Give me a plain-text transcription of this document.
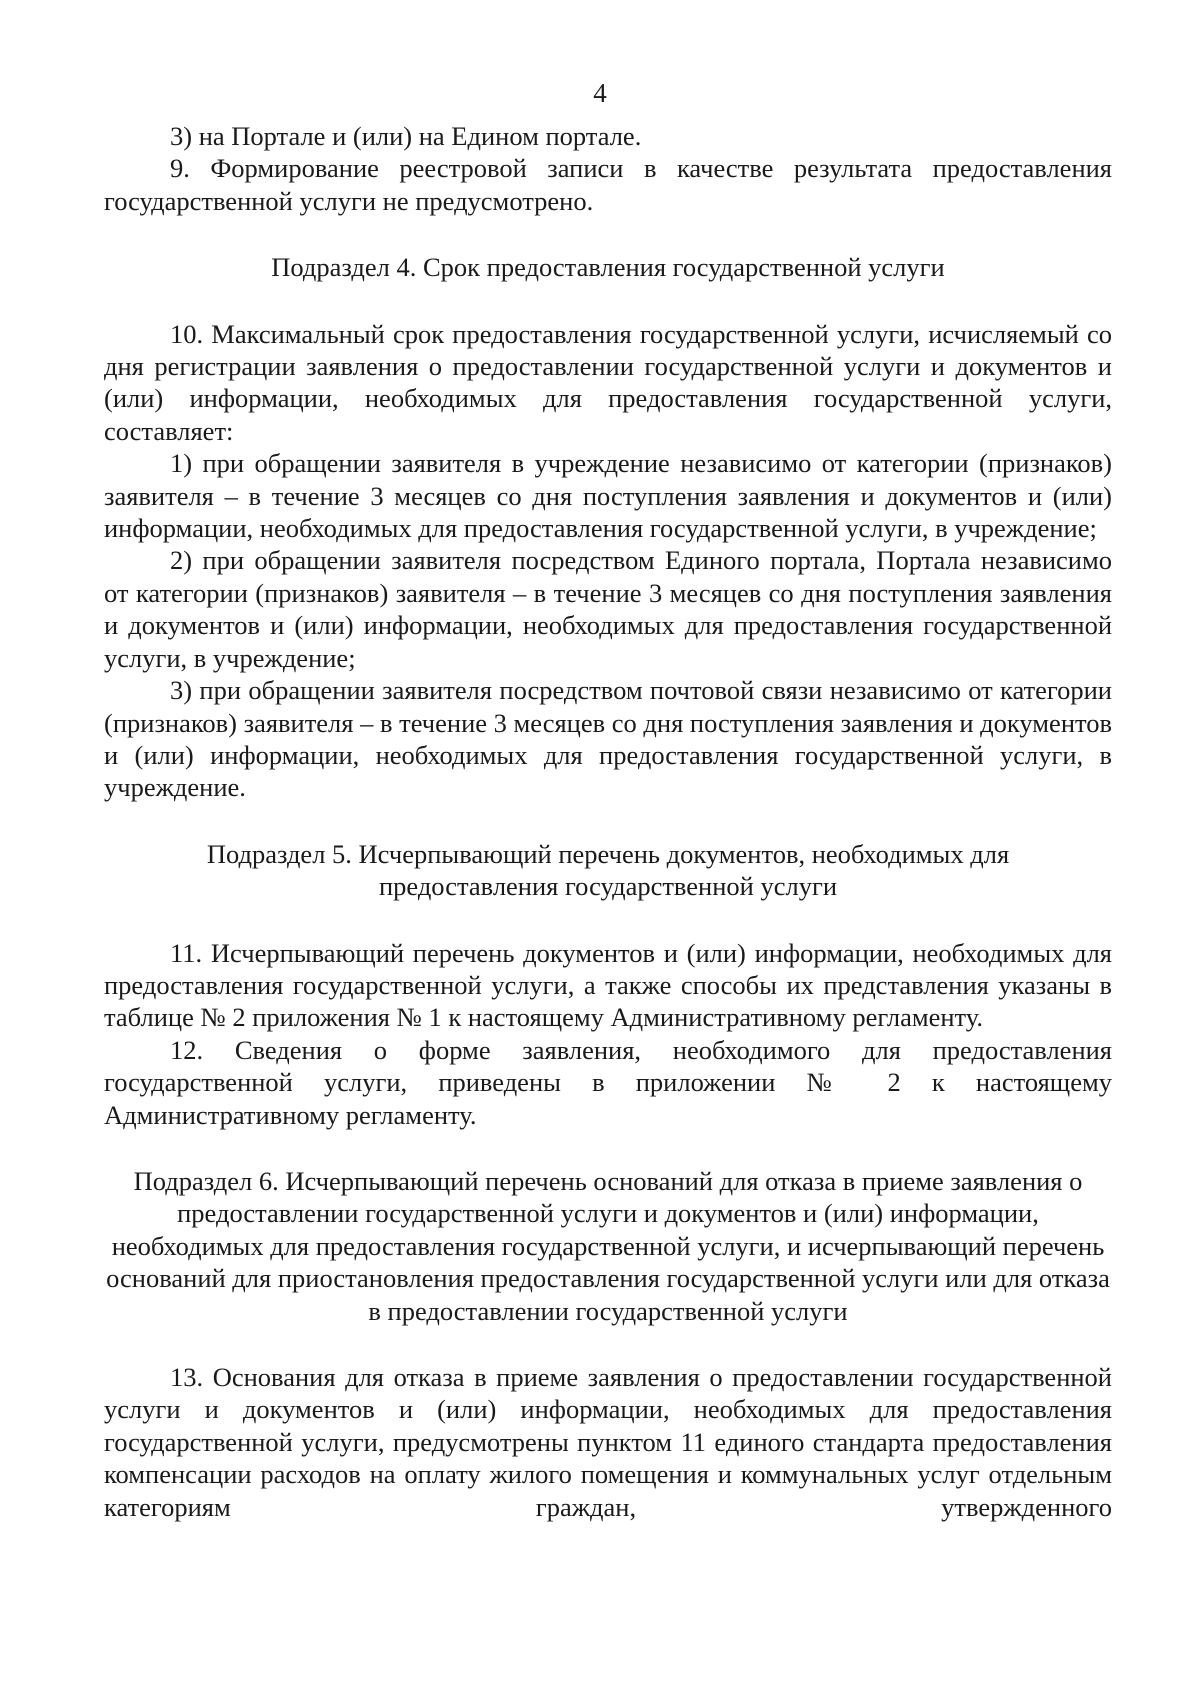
4

3) на Портале и (или) на Едином портале.

9. Формирование реестровой записи в качестве результата предоставления государственной услуги не предусмотрено.

Подраздел 4. Срок предоставления государственной услуги

10. Максимальный срок предоставления государственной услуги, исчисляемый со дня регистрации заявления о предоставлении государственной услуги и документов и (или) информации, необходимых для предоставления государственной услуги, составляет:

1) при обращении заявителя в учреждение независимо от категории (признаков) заявителя – в течение 3 месяцев со дня поступления заявления и документов и (или) информации, необходимых для предоставления государственной услуги, в учреждение;

2) при обращении заявителя посредством Единого портала, Портала независимо от категории (признаков) заявителя – в течение 3 месяцев со дня поступления заявления и документов и (или) информации, необходимых для предоставления государственной услуги, в учреждение;

3) при обращении заявителя посредством почтовой связи независимо от категории (признаков) заявителя – в течение 3 месяцев со дня поступления заявления и документов и (или) информации, необходимых для предоставления государственной услуги, в учреждение.

Подраздел 5. Исчерпывающий перечень документов, необходимых для предоставления государственной услуги

11. Исчерпывающий перечень документов и (или) информации, необходимых для предоставления государственной услуги, а также способы их представления указаны в таблице № 2 приложения № 1 к настоящему Административному регламенту.

12. Сведения о форме заявления, необходимого для предоставления государственной услуги, приведены в приложении № 2 к настоящему Административному регламенту.

Подраздел 6. Исчерпывающий перечень оснований для отказа в приеме заявления о предоставлении государственной услуги и документов и (или) информации, необходимых для предоставления государственной услуги, и исчерпывающий перечень оснований для приостановления предоставления государственной услуги или для отказа в предоставлении государственной услуги

13. Основания для отказа в приеме заявления о предоставлении государственной услуги и документов и (или) информации, необходимых для предоставления государственной услуги, предусмотрены пунктом 11 единого стандарта предоставления компенсации расходов на оплату жилого помещения и коммунальных услуг отдельным категориям граждан, утвержденного
